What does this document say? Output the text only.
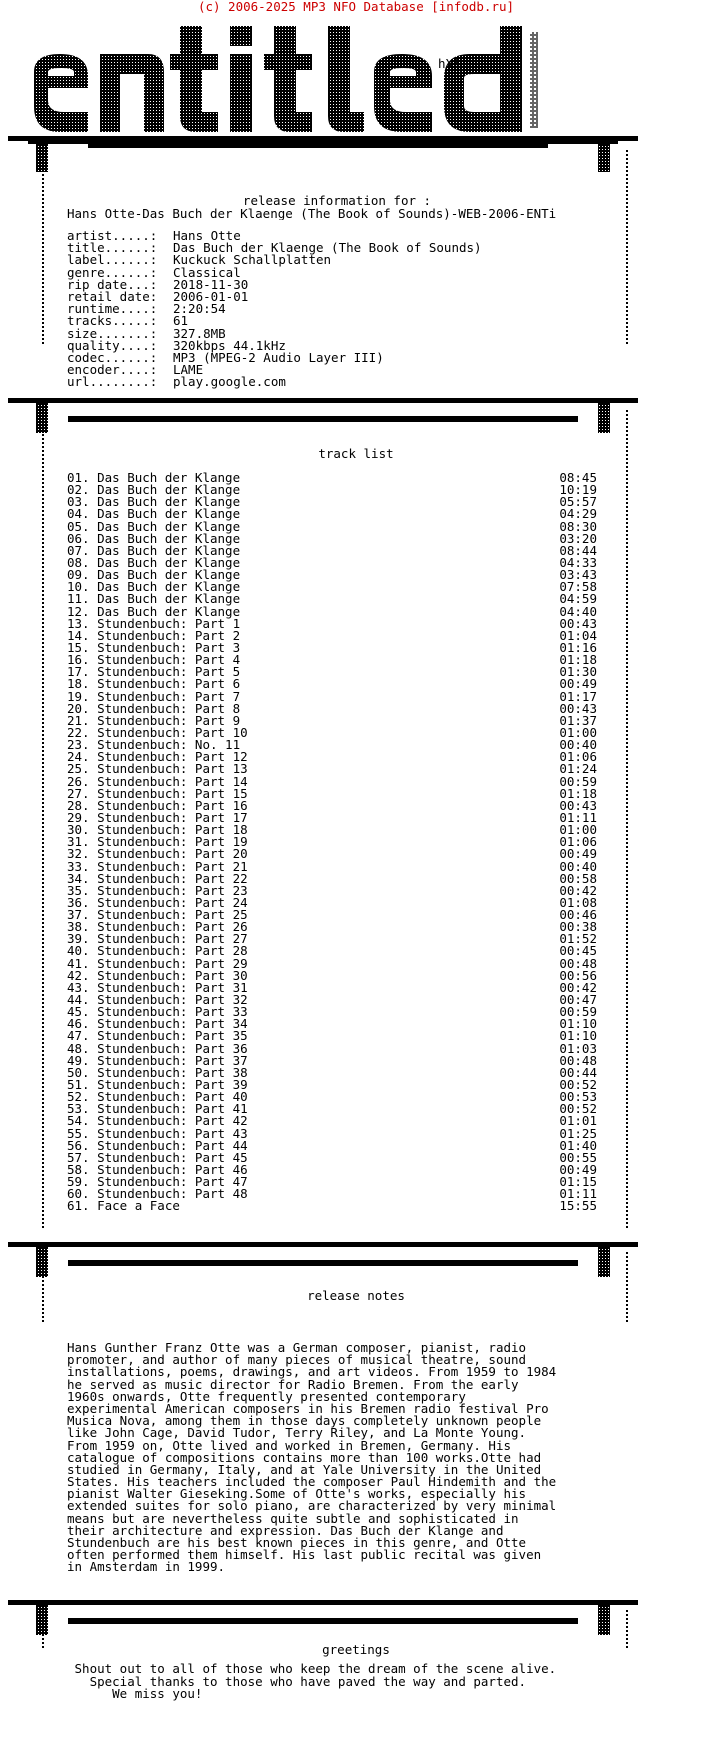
(c) 2006-2025 MP3 NFO Database [infodb.ru]
hX!
release information for :
Hans_Otte-Das_Buch_der_Klaenge_(The_Book_of_Sounds)-WEB-2006-ENTi
artist.....:	Hans Otte
title......:	Das Buch der Klaenge (The Book of Sounds)
label......:	Kuckuck Schallplatten
genre......:	Classical
rip date...:	2018-11-30
retail date:	2006-01-01
runtime....:	2:20:54
tracks.....:	61
size.......:	327.8MB
quality....:	320kbps 44.1kHz
codec......:	MP3 (MPEG-2 Audio Layer III)
encoder....:	LAME
url........:	play.google.com
track list
01. Das Buch der Klange	08:45
02. Das Buch der Klange	10:19
03. Das Buch der Klange	05:57
04. Das Buch der Klange	04:29
05. Das Buch der Klange	08:30
06. Das Buch der Klange	03:20
07. Das Buch der Klange	08:44
08. Das Buch der Klange	04:33
09. Das Buch der Klange	03:43
10. Das Buch der Klange	07:58
11. Das Buch der Klange	04:59
12. Das Buch der Klange	04:40
13. Stundenbuch: Part 1	00:43
14. Stundenbuch: Part 2	01:04
15. Stundenbuch: Part 3	01:16
16. Stundenbuch: Part 4	01:18
17. Stundenbuch: Part 5	01:30
18. Stundenbuch: Part 6	00:49
19. Stundenbuch: Part 7	01:17
20. Stundenbuch: Part 8	00:43
21. Stundenbuch: Part 9	01:37
22. Stundenbuch: Part 10	01:00
23. Stundenbuch: No. 11	00:40
24. Stundenbuch: Part 12	01:06
25. Stundenbuch: Part 13	01:24
26. Stundenbuch: Part 14	00:59
27. Stundenbuch: Part 15	01:18
28. Stundenbuch: Part 16	00:43
29. Stundenbuch: Part 17	01:11
30. Stundenbuch: Part 18	01:00
31. Stundenbuch: Part 19	01:06
32. Stundenbuch: Part 20	00:49
33. Stundenbuch: Part 21	00:40
34. Stundenbuch: Part 22	00:58
35. Stundenbuch: Part 23	00:42
36. Stundenbuch: Part 24	01:08
37. Stundenbuch: Part 25	00:46
38. Stundenbuch: Part 26	00:38
39. Stundenbuch: Part 27	01:52
40. Stundenbuch: Part 28	00:45
41. Stundenbuch: Part 29	00:48
42. Stundenbuch: Part 30	00:56
43. Stundenbuch: Part 31	00:42
44. Stundenbuch: Part 32	00:47
45. Stundenbuch: Part 33	00:59
46. Stundenbuch: Part 34	01:10
47. Stundenbuch: Part 35	01:10
48. Stundenbuch: Part 36	01:03
49. Stundenbuch: Part 37	00:48
50. Stundenbuch: Part 38	00:44
51. Stundenbuch: Part 39	00:52
52. Stundenbuch: Part 40	00:53
53. Stundenbuch: Part 41	00:52
54. Stundenbuch: Part 42	01:01
55. Stundenbuch: Part 43	01:25
56. Stundenbuch: Part 44	01:40
57. Stundenbuch: Part 45	00:55
58. Stundenbuch: Part 46	00:49
59. Stundenbuch: Part 47	01:15
60. Stundenbuch: Part 48	01:11
61. Face a Face	15:55
release notes
Hans Gunther Franz Otte was a German composer, pianist, radio
promoter, and author of many pieces of musical theatre, sound
installations, poems, drawings, and art videos. From 1959 to 1984
he served as music director for Radio Bremen. From the early
1960s onwards, Otte frequently presented contemporary
experimental American composers in his Bremen radio festival Pro
Musica Nova, among them in those days completely unknown people
like John Cage, David Tudor, Terry Riley, and La Monte Young.
From 1959 on, Otte lived and worked in Bremen, Germany. His
catalogue of compositions contains more than 100 works.Otte had
studied in Germany, Italy, and at Yale University in the United
States. His teachers included the composer Paul Hindemith and the
pianist Walter Gieseking.Some of Otte's works, especially his
extended suites for solo piano, are characterized by very minimal
means but are nevertheless quite subtle and sophisticated in
their architecture and expression. Das Buch der Klange and
Stundenbuch are his best known pieces in this genre, and Otte
often performed them himself. His last public recital was given
in Amsterdam in 1999.
greetings
Shout out to all of those who keep the dream of the scene alive.
Special thanks to those who have paved the way and parted.
We miss you!
